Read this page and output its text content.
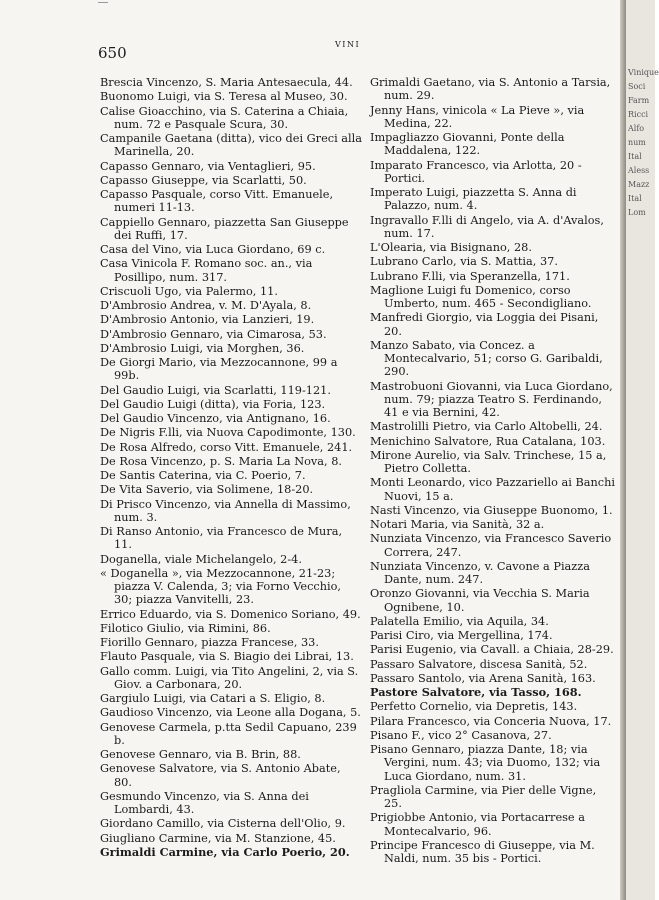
650	VINI
Brescia Vincenzo, S. Maria Antesaecula, 44.
Buonomo Luigi, via S. Teresa al Museo, 30.
Calise Gioacchino, via S. Caterina a Chiaia, num. 72 e Pasquale Scura, 30.
Campanile Gaetana (ditta), vico dei Greci alla Marinella, 20.
Capasso Gennaro, via Ventaglieri, 95.
Capasso Giuseppe, via Scarlatti, 50.
Capasso Pasquale, corso Vitt. Emanuele, numeri 11-13.
Cappiello Gennaro, piazzetta San Giuseppe dei Ruffi, 17.
Casa del Vino, via Luca Giordano, 69 c.
Casa Vinicola F. Romano soc. an., via Posillipo, num. 317.
Criscuoli Ugo, via Palermo, 11.
D'Ambrosio Andrea, v. M. D'Ayala, 8.
D'Ambrosio Antonio, via Lanzieri, 19.
D'Ambrosio Gennaro, via Cimarosa, 53.
D'Ambrosio Luigi, via Morghen, 36.
De Giorgi Mario, via Mezzocannone, 99 a 99b.
Del Gaudio Luigi, via Scarlatti, 119-121.
Del Gaudio Luigi (ditta), via Foria, 123.
Del Gaudio Vincenzo, via Antignano, 16.
De Nigris F.lli, via Nuova Capodimonte, 130.
De Rosa Alfredo, corso Vitt. Emanuele, 241.
De Rosa Vincenzo, p. S. Maria La Nova, 8.
De Santis Caterina, via C. Poerio, 7.
De Vita Saverio, via Solimene, 18-20.
Di Prisco Vincenzo, via Annella di Massimo, num. 3.
Di Ranso Antonio, via Francesco de Mura, 11.
Doganella, viale Michelangelo, 2-4.
« Doganella », via Mezzocannone, 21-23; piazza V. Calenda, 3; via Forno Vecchio, 30; piazza Vanvitelli, 23.
Errico Eduardo, via S. Domenico Soriano, 49.
Filotico Giulio, via Rimini, 86.
Fiorillo Gennaro, piazza Francese, 33.
Flauto Pasquale, via S. Biagio dei Librai, 13.
Gallo comm. Luigi, via Tito Angelini, 2, via S. Giov. a Carbonara, 20.
Gargiulo Luigi, via Catari a S. Eligio, 8.
Gaudioso Vincenzo, via Leone alla Dogana, 5.
Genovese Carmela, p.tta Sedil Capuano, 239 b.
Genovese Gennaro, via B. Brin, 88.
Genovese Salvatore, via S. Antonio Abate, 80.
Gesmundo Vincenzo, via S. Anna dei Lombardi, 43.
Giordano Camillo, via Cisterna dell'Olio, 9.
Giugliano Carmine, via M. Stanzione, 45.
Grimaldi Carmine, via Carlo Poerio, 20.
Grimaldi Gaetano, via S. Antonio a Tarsia, num. 29.
Jenny Hans, vinicola « La Pieve », via Medina, 22.
Impagliazzo Giovanni, Ponte della Maddalena, 122.
Imparato Francesco, via Arlotta, 20 - Portici.
Imperato Luigi, piazzetta S. Anna di Palazzo, num. 4.
Ingravallo F.lli di Angelo, via A. d'Avalos, num. 17.
L'Olearia, via Bisignano, 28.
Lubrano Carlo, via S. Mattia, 37.
Lubrano F.lli, via Speranzella, 171.
Maglione Luigi fu Domenico, corso Umberto, num. 465 - Secondigliano.
Manfredi Giorgio, via Loggia dei Pisani, 20.
Manzo Sabato, via Concez. a Montecalvario, 51; corso G. Garibaldi, 290.
Mastrobuoni Giovanni, via Luca Giordano, num. 79; piazza Teatro S. Ferdinando, 41 e via Bernini, 42.
Mastrolilli Pietro, via Carlo Altobelli, 24.
Menichino Salvatore, Rua Catalana, 103.
Mirone Aurelio, via Salv. Trinchese, 15 a, Pietro Colletta.
Monti Leonardo, vico Pazzariello ai Banchi Nuovi, 15 a.
Nasti Vincenzo, via Giuseppe Buonomo, 1.
Notari Maria, via Sanità, 32 a.
Nunziata Vincenzo, via Francesco Saverio Correra, 247.
Nunziata Vincenzo, v. Cavone a Piazza Dante, num. 247.
Oronzo Giovanni, via Vecchia S. Maria Ognibene, 10.
Palatella Emilio, via Aquila, 34.
Parisi Ciro, via Mergellina, 174.
Parisi Eugenio, via Cavall. a Chiaia, 28-29.
Passaro Salvatore, discesa Sanità, 52.
Passaro Santolo, via Arena Sanità, 163.
Pastore Salvatore, via Tasso, 168.
Perfetto Cornelio, via Depretis, 143.
Pilara Francesco, via Conceria Nuova, 17.
Pisano F., vico 2° Casanova, 27.
Pisano Gennaro, piazza Dante, 18; via Vergini, num. 43; via Duomo, 132; via Luca Giordano, num. 31.
Pragliola Carmine, via Pier delle Vigne, 25.
Prigiobbe Antonio, via Portacarrese a Montecalvario, 96.
Principe Francesco di Giuseppe, via M. Naldi, num. 35 bis - Portici.
Vinique
Soci
Farm
Ricci
Alfo
num
Ital
Aless
Mazz
Ital
Lom
